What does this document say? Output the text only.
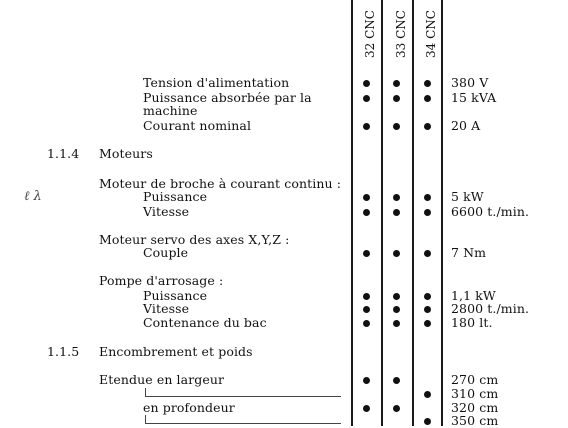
32 CNC 33 CNC 34 CNC
ℓ λ
1.1.4
1.1.5
Tension d'alimentation
Puissance absorbée par la
machine
Courant nominal
Moteurs
Moteur de broche à courant continu :
Puissance
Vitesse
Moteur servo des axes X,Y,Z :
Couple
Pompe d'arrosage :
Puissance
Vitesse
Contenance du bac
Encombrement et poids
Etendue en largeur
en profondeur
380 V
15 kVA
20 A
5 kW
6600 t./min.
7 Nm
1,1 kW
2800 t./min.
180 lt.
270 cm
310 cm
320 cm
350 cm
